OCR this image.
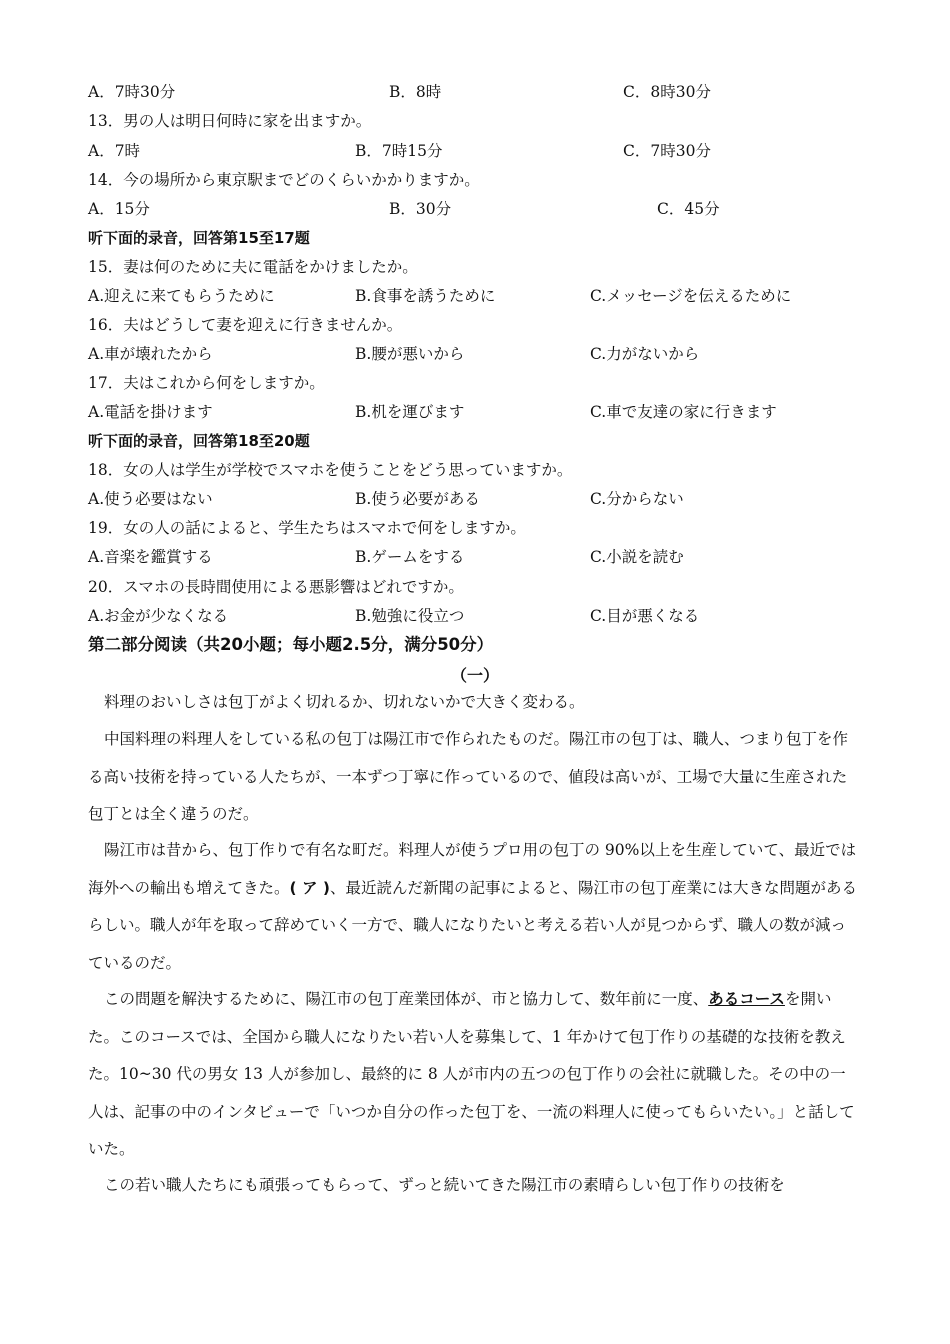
A．7時30分	B．8時	C．8時30分
13．男の人は明日何時に家を出ますか。
A．7時	B．7時15分	C．7時30分
14．今の場所から東京駅までどのくらいかかりますか。
A．15分	B．30分	C．45分
听下面的录音，回答第15至17题
15．妻は何のために夫に電話をかけましたか。
A.迎えに来てもらうために	B.食事を誘うために	C.メッセージを伝えるために
16．夫はどうして妻を迎えに行きませんか。
A.車が壊れたから	B.腰が悪いから	C.力がないから
17．夫はこれから何をしますか。
A.電話を掛けます	B.机を運びます	C.車で友達の家に行きます
听下面的录音，回答第18至20题
18．女の人は学生が学校でスマホを使うことをどう思っていますか。
A.使う必要はない	B.使う必要がある	C.分からない
19．女の人の話によると、学生たちはスマホで何をしますか。
A.音楽を鑑賞する	B.ゲームをする	C.小説を読む
20．スマホの長時間使用による悪影響はどれですか。
A.お金が少なくなる	B.勉強に役立つ	C.目が悪くなる
第二部分阅读（共20小题；每小题2.5分，满分50分）
（一）
料理のおいしさは包丁がよく切れるか、切れないかで大きく変わる。
中国料理の料理人をしている私の包丁は陽江市で作られたものだ。陽江市の包丁は、職人、つまり包丁を作る高い技術を持っている人たちが、一本ずつ丁寧に作っているので、値段は高いが、工場で大量に生産された包丁とは全く違うのだ。
陽江市は昔から、包丁作りで有名な町だ。料理人が使うプロ用の包丁の 90%以上を生産していて、最近では海外への輸出も増えてきた。( ア )、最近読んだ新聞の記事によると、陽江市の包丁産業には大きな問題があるらしい。職人が年を取って辞めていく一方で、職人になりたいと考える若い人が見つからず、職人の数が減っているのだ。
この問題を解決するために、陽江市の包丁産業団体が、市と協力して、数年前に一度、あるコースを開いた。このコースでは、全国から職人になりたい若い人を募集して、1 年かけて包丁作りの基礎的な技術を教えた。10~30 代の男女 13 人が参加し、最終的に 8 人が市内の五つの包丁作りの会社に就職した。その中の一人は、記事の中のインタビューで「いつか自分の作った包丁を、一流の料理人に使ってもらいたい。」と話していた。
この若い職人たちにも頑張ってもらって、ずっと続いてきた陽江市の素晴らしい包丁作りの技術を
